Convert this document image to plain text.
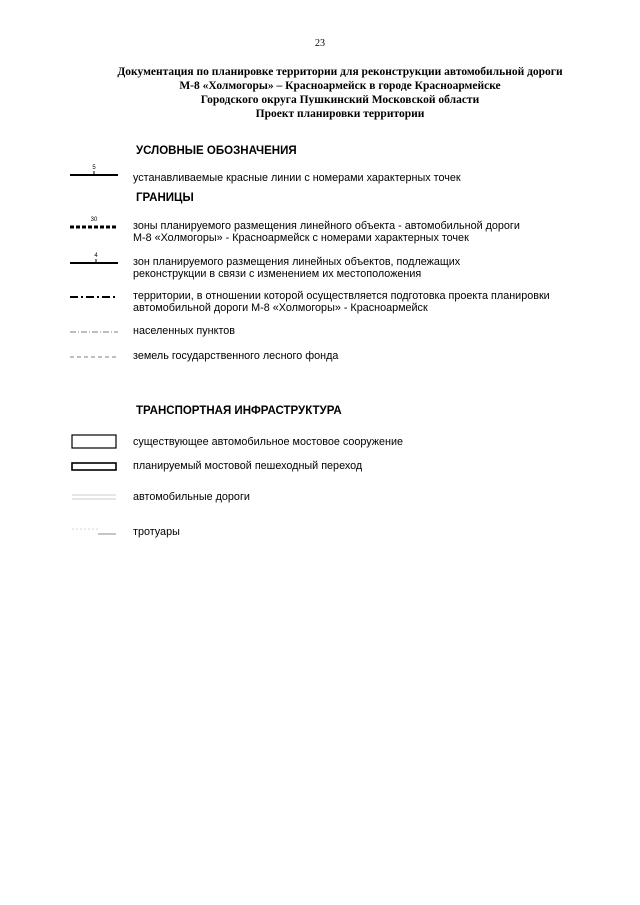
23
Документация по планировке территории для реконструкции автомобильной дороги
М-8 «Холмогоры» – Красноармейск в городе Красноармейске
Городского округа Пушкинский Московской области
Проект планировки территории
УСЛОВНЫЕ ОБОЗНАЧЕНИЯ
5
устанавливаемые красные линии с номерами характерных точек
ГРАНИЦЫ
30	зоны планируемого размещения линейного объекта - автомобильной дороги
М-8 «Холмогоры» - Красноармейск с номерами характерных точек
4	зон планируемого размещения линейных объектов, подлежащих
реконструкции в связи с изменением их местоположения
территории, в отношении которой осуществляется подготовка проекта планировки
автомобильной дороги М-8 «Холмогоры» - Красноармейск
населенных пунктов
земель государственного лесного фонда
ТРАНСПОРТНАЯ ИНФРАСТРУКТУРА
существующее автомобильное мостовое сооружение
планируемый мостовой пешеходный переход
автомобильные дороги
тротуары
